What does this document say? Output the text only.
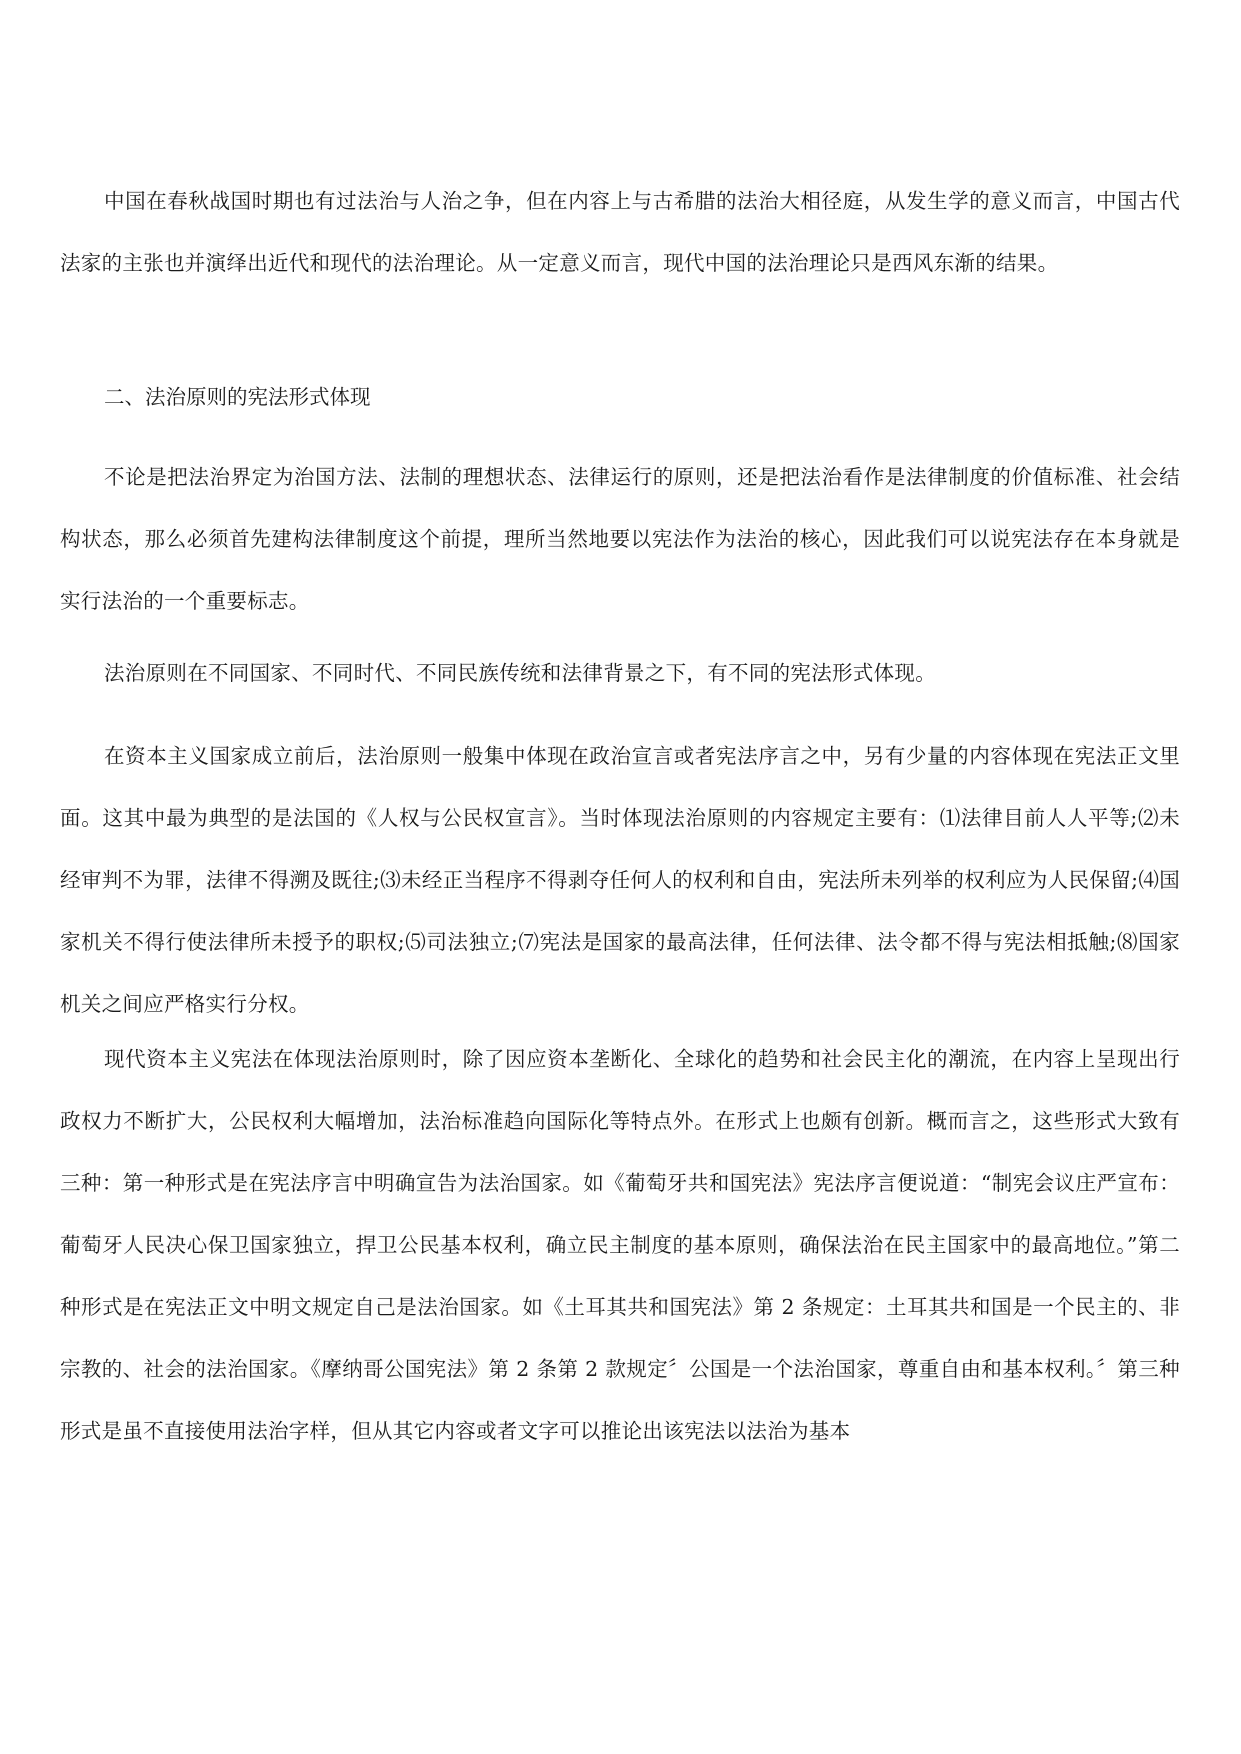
中国在春秋战国时期也有过法治与人治之争，但在内容上与古希腊的法治大相径庭，从发生学的意义而言，中国古代法家的主张也并演绎出近代和现代的法治理论。从一定意义而言，现代中国的法治理论只是西风东渐的结果。

二、法治原则的宪法形式体现

不论是把法治界定为治国方法、法制的理想状态、法律运行的原则，还是把法治看作是法律制度的价值标准、社会结构状态，那么必须首先建构法律制度这个前提，理所当然地要以宪法作为法治的核心，因此我们可以说宪法存在本身就是实行法治的一个重要标志。

法治原则在不同国家、不同时代、不同民族传统和法律背景之下，有不同的宪法形式体现。

在资本主义国家成立前后，法治原则一般集中体现在政治宣言或者宪法序言之中，另有少量的内容体现在宪法正文里面。这其中最为典型的是法国的《人权与公民权宣言》。当时体现法治原则的内容规定主要有：⑴法律目前人人平等;⑵未经审判不为罪，法律不得溯及既往;⑶未经正当程序不得剥夺任何人的权利和自由，宪法所未列举的权利应为人民保留;⑷国家机关不得行使法律所未授予的职权;⑸司法独立;⑺宪法是国家的最高法律，任何法律、法令都不得与宪法相抵触;⑻国家机关之间应严格实行分权。

现代资本主义宪法在体现法治原则时，除了因应资本垄断化、全球化的趋势和社会民主化的潮流，在内容上呈现出行政权力不断扩大，公民权利大幅增加，法治标准趋向国际化等特点外。在形式上也颇有创新。概而言之，这些形式大致有三种：第一种形式是在宪法序言中明确宣告为法治国家。如《葡萄牙共和国宪法》宪法序言便说道：“制宪会议庄严宣布：葡萄牙人民决心保卫国家独立，捍卫公民基本权利，确立民主制度的基本原则，确保法治在民主国家中的最高地位。”第二种形式是在宪法正文中明文规定自己是法治国家。如《土耳其共和国宪法》第 2 条规定：土耳其共和国是一个民主的、非宗教的、社会的法治国家。《摩纳哥公国宪法》第 2 条第 2 款规定〞公国是一个法治国家，尊重自由和基本权利。〞第三种形式是虽不直接使用法治字样，但从其它内容或者文字可以推论出该宪法以法治为基本
